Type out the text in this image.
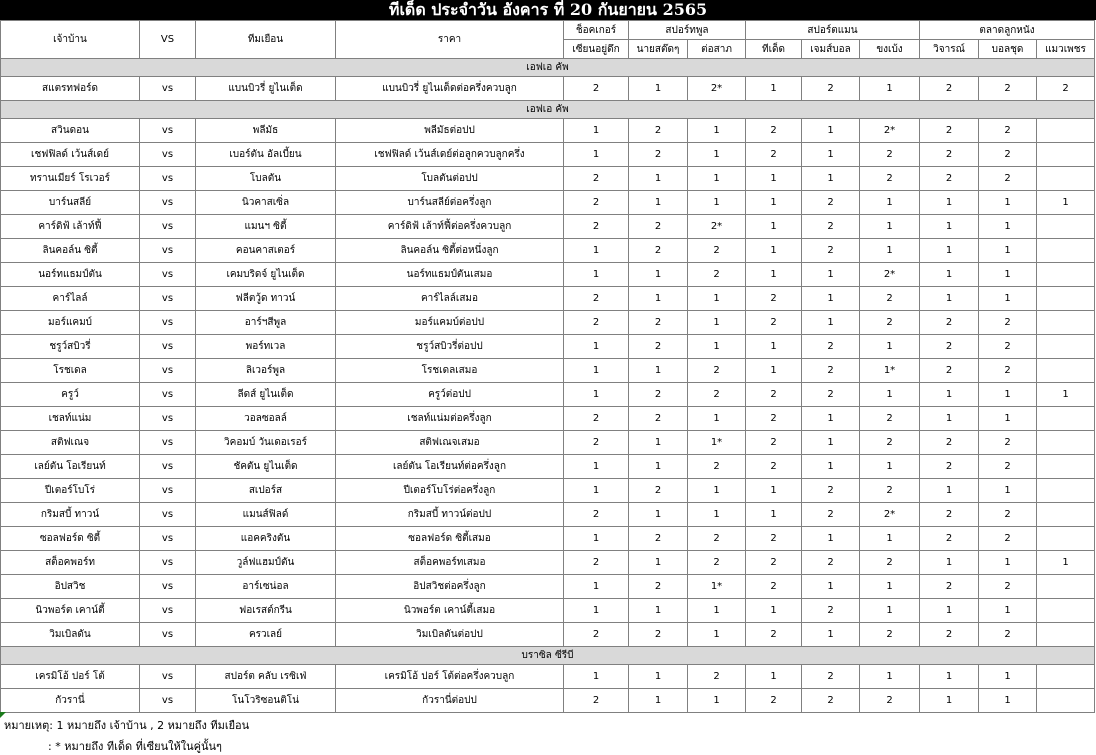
ทีเด็ด ประจำวัน อังคาร ที่ 20 กันยายน 2565
เจ้าบ้าน	VS	ทีมเยือน	ราคา	ช็อคเกอร์	สปอร์ทพูล		สปอร์ตแมน			ตลาดลูกหนัง		
				เซียนอยู่ดึก	นายสต๊ดๆ	ต่อสาภ	ทีเด็ด	เจมส์บอล	ขงเบ้ง	วิจารณ์	บอลชุด	แมวเพชร
เอฟเอ คัพ												
สแตรทฟอร์ด	vs	แบนบิวรี่ ยูไนเต็ด	แบนบิวรี่ ยูไนเต็ดต่อครึ่งควบลูก	2	1	2*	1	2	1	2	2	2
เอฟเอ คัพ												
สวินดอน	vs	พลีมัธ	พลีมัธต่อปป	1	2	1	2	1	2*	2	2	
เชฟฟิลด์ เว้นส์เดย์	vs	เบอร์ตัน อัลเบี้ยน	เชฟฟิลด์ เว้นส์เดย์ต่อลูกควบลูกครึ่ง	1	2	1	2	1	2	2	2	
ทรานเมียร์ โรเวอร์	vs	โบลตัน	โบลตันต่อปป	2	1	1	1	1	2	2	2	
บาร์นสลีย์	vs	นิวคาสเซิ่ล	บาร์นสลีย์ต่อครึ่งลูก	2	1	1	1	2	1	1	1	1
คาร์ดิฟ้ เล้าท์ฟี้	vs	แมนฯ ซิตี้	คาร์ดิฟ้ เล้าท์ฟี้ต่อครึ่งควบลูก	2	2	2*	1	2	1	1	1	
ลินคอล์น ซิตี้	vs	คอนคาสเตอร์	ลินคอล์น ซิตี้ต่อหนึ่งลูก	1	2	2	1	2	1	1	1	
นอร์ทแธมป์ตัน	vs	เคมบริดจ์ ยูไนเต็ด	นอร์ทแธมป์ตันเสมอ	1	1	2	1	1	2*	1	1	
คาร์ไลล์	vs	ฟลีตวู้ด ทาวน์	คาร์ไลล์เสมอ	2	1	1	2	1	2	1	1	
มอร์แคมบ์	vs	อาร์ฯสีพูล	มอร์แคมบ์ต่อปป	2	2	1	2	1	2	2	2	
ชรูว์สบิวรี่	vs	พอร์ทเวล	ชรูว์สบิวรี่ต่อปป	1	2	1	1	2	1	2	2	
โรชเดล	vs	ลิเวอร์พูล	โรชเดลเสมอ	1	1	2	1	2	1*	2	2	
ครูว์	vs	ลีดส์ ยูไนเต็ด	ครูว์ต่อปป	1	2	2	2	2	1	1	1	1
เชลท์แน่ม	vs	วอลซอลล์	เชลท์แน่มต่อครึ่งลูก	2	2	1	2	1	2	1	1	
สติฟเณจ	vs	วิคอมบ์ วันเดอเรอร์	สติฟเณจเสมอ	2	1	1*	2	1	2	2	2	
เลย์ตัน โอเรียนท์	vs	ชัคตัน ยูไนเต็ด	เลย์ตัน โอเรียนท์ต่อครึ่งลูก	1	1	2	2	1	1	2	2	
ปีเตอร์โบโร่	vs	สเปอร์ส	ปีเตอร์โบโร่ต่อครึ่งลูก	1	2	1	1	2	2	1	1	
กริมสบี้ ทาวน์	vs	แมนส์ฟิลด์	กริมสบี้ ทาวน์ต่อปป	2	1	1	1	2	2*	2	2	
ซอลฟอร์ด ซิตี้	vs	แอคคริงตัน	ซอลฟอร์ด ซิตี้เสมอ	1	2	2	2	1	1	2	2	
สต็อคพอร์ท	vs	วูล์ฟแฮมป์ตัน	สต็อคพอร์ทเสมอ	2	1	2	2	2	2	1	1	1
อิปสวิช	vs	อาร์เซน่อล	อิปสวิชต่อครึ่งลูก	1	2	1*	2	1	1	2	2	
นิวพอร์ต เคาน์ตี้	vs	ฟอเรสต์กรีน	นิวพอร์ต เคาน์ตี้เสมอ	1	1	1	1	2	1	1	1	
วิมเบิลดัน	vs	ครวเลย์	วิมเบิลดันต่อปป	2	2	1	2	1	2	2	2	
บราซิล ซีรีบี												
เครมิโอ้ ปอร์ โต้	vs	สปอร์ต คลับ เรซิเฟ่	เครมิโอ้ ปอร์ โต้ต่อครึ่งควบลูก	1	1	2	1	2	1	1	1	
กัวรานี่	vs	โนโวริซอนติโน่	กัวรานี่ต่อปป	2	1	1	2	2	2	1	1	
หมายเหตุ: 1 หมายถึง เจ้าบ้าน , 2 หมายถึง ทีมเยือน
: * หมายถึง ทีเด็ด ที่เซียนให้ในคู่นั้นๆ
